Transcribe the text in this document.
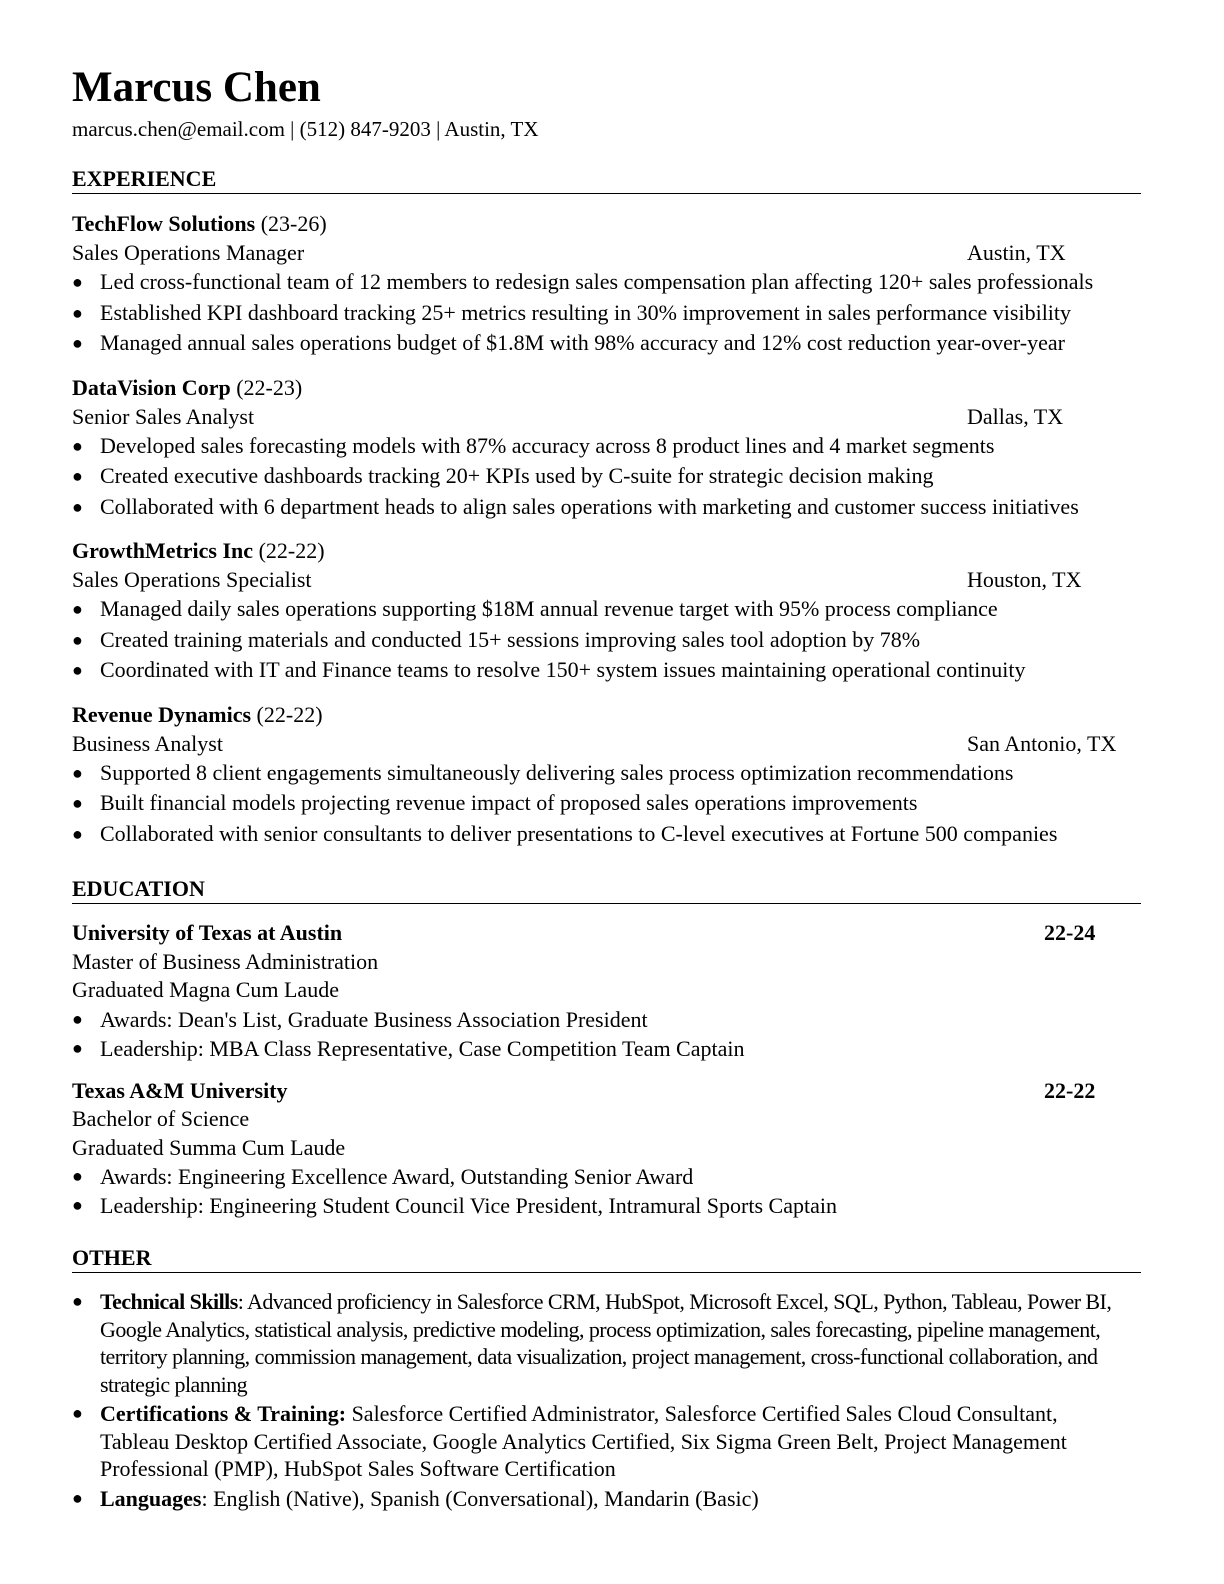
Marcus Chen
marcus.chen@email.com | (512) 847-9203 | Austin, TX
EXPERIENCE
TechFlow Solutions (23-26)
Sales Operations Manager	Austin, TX
● Led cross-functional team of 12 members to redesign sales compensation plan affecting 120+ sales professionals
● Established KPI dashboard tracking 25+ metrics resulting in 30% improvement in sales performance visibility
● Managed annual sales operations budget of $1.8M with 98% accuracy and 12% cost reduction year-over-year
DataVision Corp (22-23)
Senior Sales Analyst	Dallas, TX
● Developed sales forecasting models with 87% accuracy across 8 product lines and 4 market segments
● Created executive dashboards tracking 20+ KPIs used by C-suite for strategic decision making
● Collaborated with 6 department heads to align sales operations with marketing and customer success initiatives
GrowthMetrics Inc (22-22)
Sales Operations Specialist	Houston, TX
● Managed daily sales operations supporting $18M annual revenue target with 95% process compliance
● Created training materials and conducted 15+ sessions improving sales tool adoption by 78%
● Coordinated with IT and Finance teams to resolve 150+ system issues maintaining operational continuity
Revenue Dynamics (22-22)
Business Analyst	San Antonio, TX
● Supported 8 client engagements simultaneously delivering sales process optimization recommendations
● Built financial models projecting revenue impact of proposed sales operations improvements
● Collaborated with senior consultants to deliver presentations to C-level executives at Fortune 500 companies
EDUCATION
University of Texas at Austin	22-24
Master of Business Administration
Graduated Magna Cum Laude
● Awards: Dean's List, Graduate Business Association President
● Leadership: MBA Class Representative, Case Competition Team Captain
Texas A&M University	22-22
Bachelor of Science
Graduated Summa Cum Laude
● Awards: Engineering Excellence Award, Outstanding Senior Award
● Leadership: Engineering Student Council Vice President, Intramural Sports Captain
OTHER
● Technical Skills: Advanced proficiency in Salesforce CRM, HubSpot, Microsoft Excel, SQL, Python, Tableau, Power BI, Google Analytics, statistical analysis, predictive modeling, process optimization, sales forecasting, pipeline management, territory planning, commission management, data visualization, project management, cross-functional collaboration, and strategic planning
● Certifications & Training: Salesforce Certified Administrator, Salesforce Certified Sales Cloud Consultant, Tableau Desktop Certified Associate, Google Analytics Certified, Six Sigma Green Belt, Project Management Professional (PMP), HubSpot Sales Software Certification
● Languages: English (Native), Spanish (Conversational), Mandarin (Basic)
